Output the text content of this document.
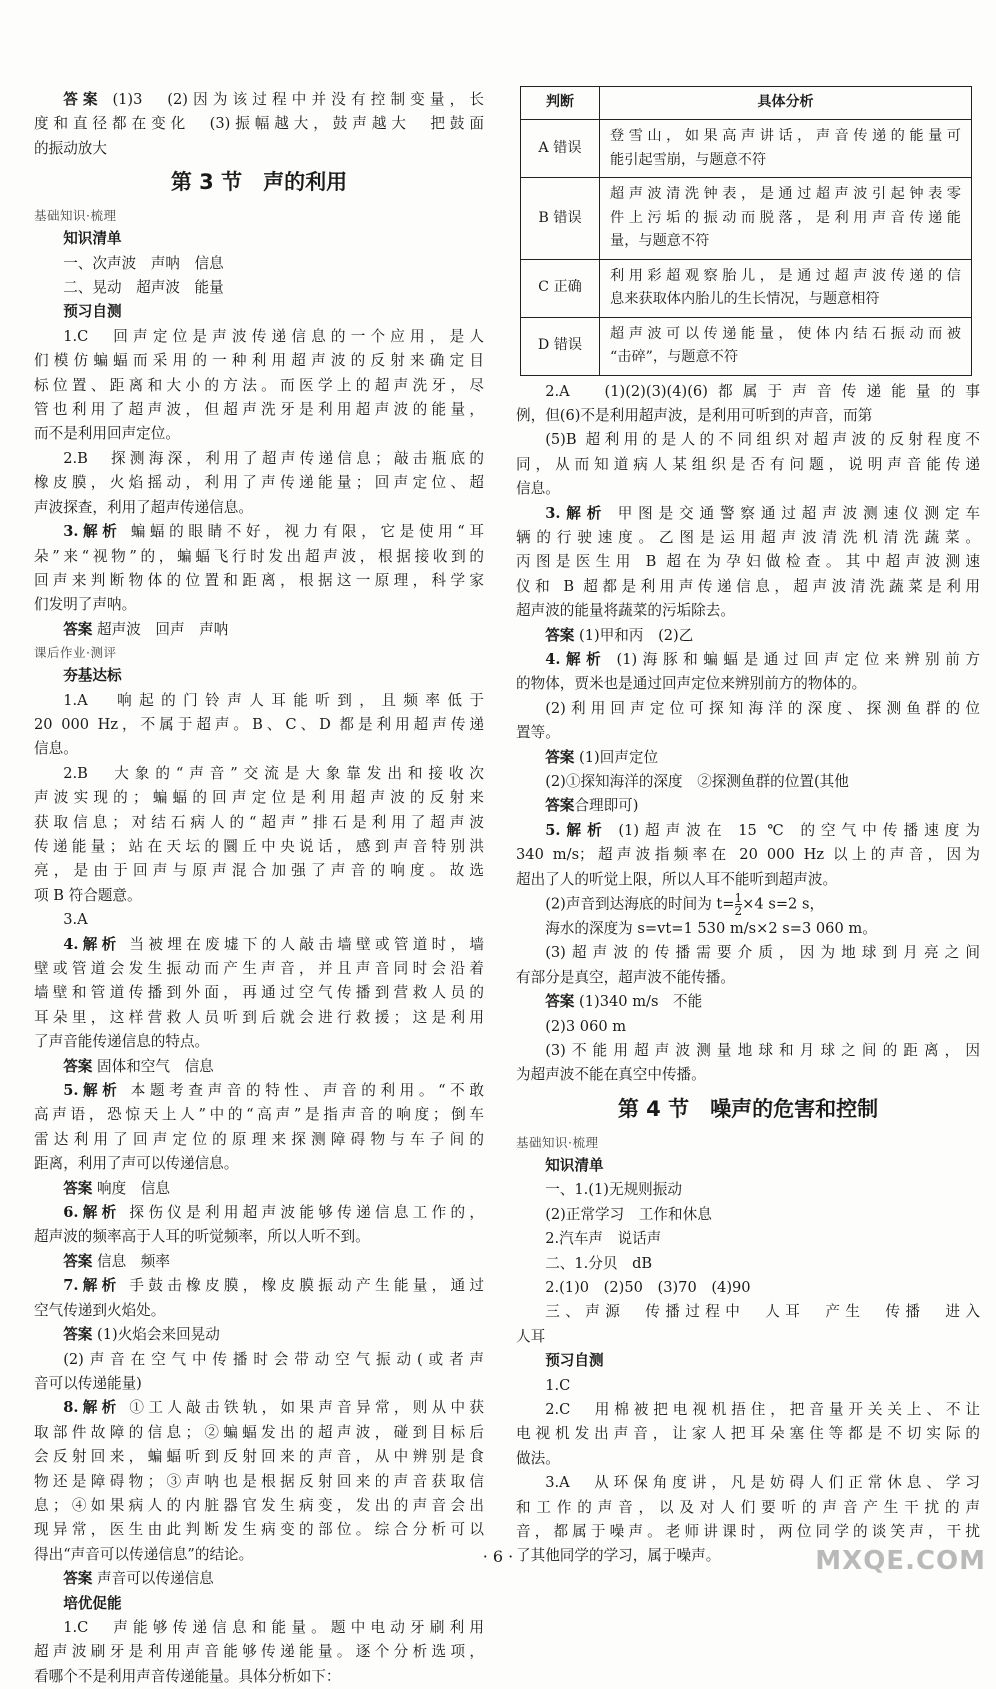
答案 (1)3　(2)因为该过程中并没有控制变量，长
度和直径都在变化　(3)振幅越大，鼓声越大　把鼓面
的振动放大
第 3 节　声的利用
基础知识·梳理
知识清单
一、次声波　声呐　信息
二、晃动　超声波　能量
预习自测
1.C　回声定位是声波传递信息的一个应用，是人
们模仿蝙蝠而采用的一种利用超声波的反射来确定目
标位置、距离和大小的方法。而医学上的超声洗牙，尽
管也利用了超声波，但超声洗牙是利用超声波的能量，
而不是利用回声定位。
2.B　探测海深，利用了超声传递信息；敲击瓶底的
橡皮膜，火焰摇动，利用了声传递能量；回声定位、超
声波探查，利用了超声传递信息。
3.解析 蝙蝠的眼睛不好，视力有限，它是使用“耳
朵”来“视物”的，蝙蝠飞行时发出超声波，根据接收到的
回声来判断物体的位置和距离，根据这一原理，科学家
们发明了声呐。
答案 超声波　回声　声呐
课后作业·测评
夯基达标
1.A　响起的门铃声人耳能听到，且频率低于
20 000 Hz，不属于超声。B、C、D 都是利用超声传递
信息。
2.B　大象的“声音”交流是大象靠发出和接收次
声波实现的；蝙蝠的回声定位是利用超声波的反射来
获取信息；对结石病人的“超声”排石是利用了超声波
传递能量；站在天坛的圜丘中央说话，感到声音特别洪
亮，是由于回声与原声混合加强了声音的响度。故选
项 B 符合题意。
3.A
4.解析 当被埋在废墟下的人敲击墙壁或管道时，墙
壁或管道会发生振动而产生声音，并且声音同时会沿着
墙壁和管道传播到外面，再通过空气传播到营救人员的
耳朵里，这样营救人员听到后就会进行救援；这是利用
了声音能传递信息的特点。
答案 固体和空气　信息
5.解析 本题考查声音的特性、声音的利用。“不敢
高声语，恐惊天上人”中的“高声”是指声音的响度；倒车
雷达利用了回声定位的原理来探测障碍物与车子间的
距离，利用了声可以传递信息。
答案 响度　信息
6.解析 探伤仪是利用超声波能够传递信息工作的，
超声波的频率高于人耳的听觉频率，所以人听不到。
答案 信息　频率
7.解析 手鼓击橡皮膜，橡皮膜振动产生能量，通过
空气传递到火焰处。
答案 (1)火焰会来回晃动
(2)声音在空气中传播时会带动空气振动(或者声
音可以传递能量)
8.解析 ①工人敲击铁轨，如果声音异常，则从中获
取部件故障的信息；②蝙蝠发出的超声波，碰到目标后
会反射回来，蝙蝠听到反射回来的声音，从中辨别是食
物还是障碍物；③声呐也是根据反射回来的声音获取信
息；④如果病人的内脏器官发生病变，发出的声音会出
现异常，医生由此判断发生病变的部位。综合分析可以
得出“声音可以传递信息”的结论。
答案 声音可以传递信息
培优促能
1.C　声能够传递信息和能量。题中电动牙刷利用
超声波刷牙是利用声音能够传递能量。逐个分析选项，
看哪个不是利用声音传递能量。具体分析如下：
判断	具体分析
A 错误	登雪山，如果高声讲话，声音传递的能量可
能引起雪崩，与题意不符

B 错误	超声波清洗钟表，是通过超声波引起钟表零
件上污垢的振动而脱落，是利用声音传递能
量，与题意不符

C 正确	利用彩超观察胎儿，是通过超声波传递的信
息来获取体内胎儿的生长情况，与题意相符

D 错误	超声波可以传递能量，使体内结石振动而被
“击碎”，与题意不符
2.A　(1)(2)(3)(4)(6)都属于声音传递能量的事
例，但(6)不是利用超声波，是利用可听到的声音，而第
(5)B 超利用的是人的不同组织对超声波的反射程度不
同，从而知道病人某组织是否有问题，说明声音能传递
信息。
3.解析 甲图是交通警察通过超声波测速仪测定车
辆的行驶速度。乙图是运用超声波清洗机清洗蔬菜。
丙图是医生用 B 超在为孕妇做检查。其中超声波测速
仪和 B 超都是利用声传递信息，超声波清洗蔬菜是利用
超声波的能量将蔬菜的污垢除去。
答案 (1)甲和丙　(2)乙
4.解析 (1)海豚和蝙蝠是通过回声定位来辨别前方
的物体，贾米也是通过回声定位来辨别前方的物体的。
(2)利用回声定位可探知海洋的深度、探测鱼群的位
置等。
答案 (1)回声定位
(2)①探知海洋的深度　②探测鱼群的位置(其他
答案合理即可)
5.解析 (1)超声波在 15 ℃ 的空气中传播速度为
340 m/s；超声波指频率在 20 000 Hz 以上的声音，因为
超出了人的听觉上限，所以人耳不能听到超声波。
(2)声音到达海底的时间为 $t= \frac{1}{2} \times 4$ s=2 s，
海水的深度为 s=vt=1 530 m/s×2 s=3 060 m。
(3)超声波的传播需要介质，因为地球到月亮之间
有部分是真空，超声波不能传播。
答案 (1)340 m/s　不能
(2)3 060 m
(3)不能用超声波测量地球和月球之间的距离，因
为超声波不能在真空中传播。
第 4 节　噪声的危害和控制
基础知识·梳理
知识清单
一、1.(1)无规则振动
(2)正常学习　工作和休息
2.汽车声　说话声
二、1.分贝　dB
2.(1)0　(2)50　(3)70　(4)90
三、声源　传播过程中　人耳　产生　传播　进入
人耳
预习自测
1.C
2.C　用棉被把电视机捂住，把音量开关关上、不让
电视机发出声音，让家人把耳朵塞住等都是不切实际的
做法。
3.A　从环保角度讲，凡是妨碍人们正常休息、学习
和工作的声音，以及对人们要听的声音产生干扰的声
音，都属于噪声。老师讲课时，两位同学的谈笑声，干扰
了其他同学的学习，属于噪声。
· 6 ·	MXQE.COM
